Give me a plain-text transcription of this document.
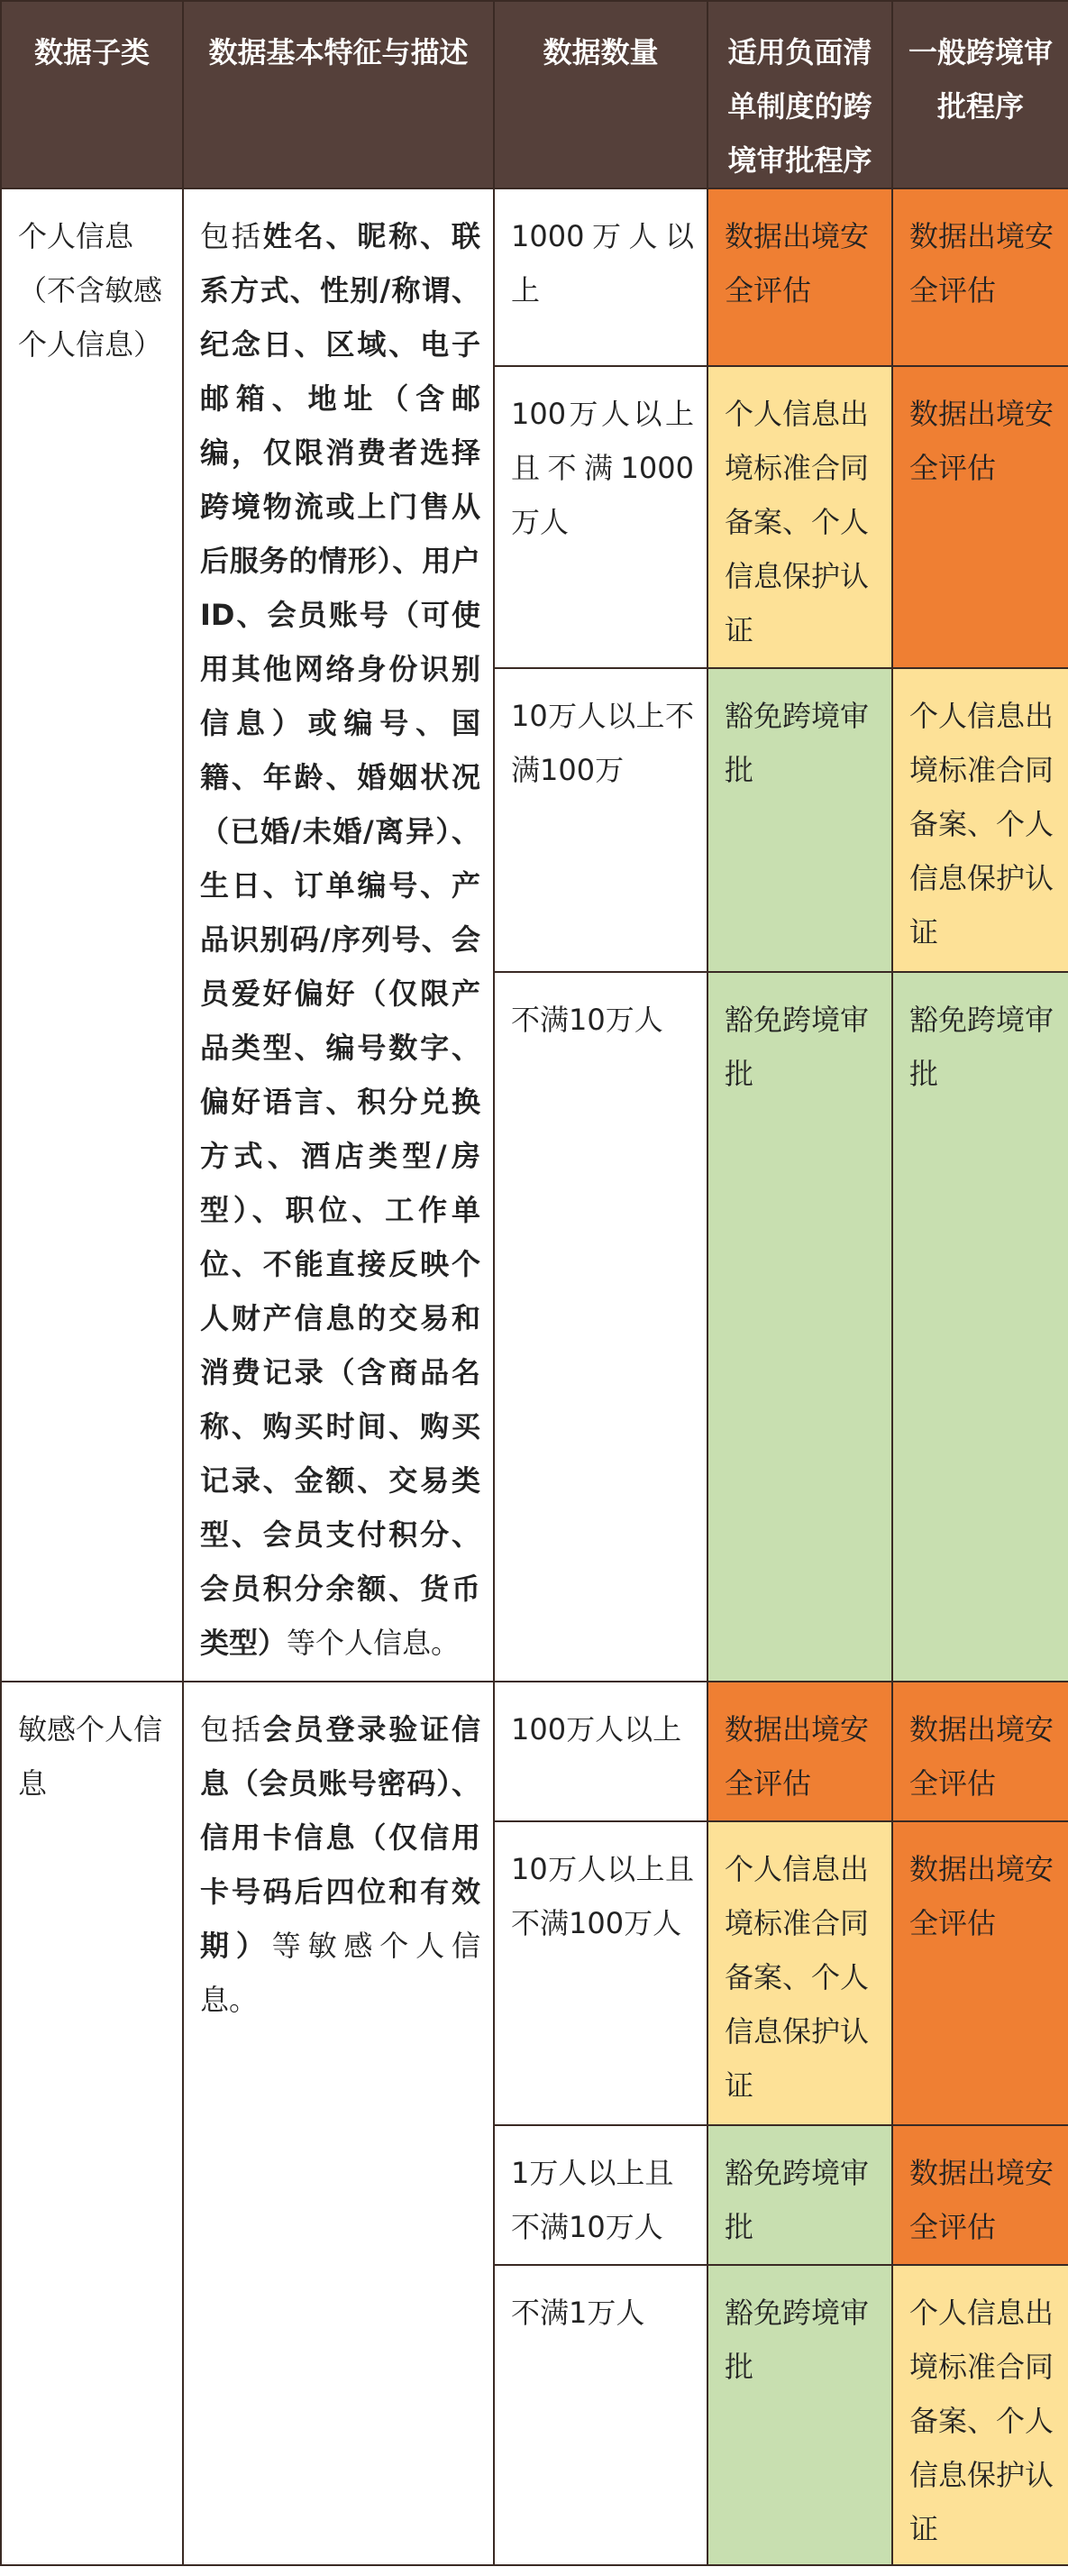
数据子类	数据基本特征与描述	数据数量	适用负面清单制度的跨境审批程序	一般跨境审批程序
个人信息（不含敏感个人信息）	包括姓名、昵称、联系方式、性别/称谓、纪念日、区域、电子邮箱、地址（含邮编，仅限消费者选择跨境物流或上门售从后服务的情形）、用户ID、会员账号（可使用其他网络身份识别信息）或编号、国籍、年龄、婚姻状况（已婚/未婚/离异）、生日、订单编号、产品识别码/序列号、会员爱好偏好（仅限产品类型、编号数字、偏好语言、积分兑换方式、酒店类型/房型）、职位、工作单位、不能直接反映个人财产信息的交易和消费记录（含商品名称、购买时间、购买记录、金额、交易类型、会员支付积分、会员积分余额、货币类型）等个人信息。	1000万人以上	数据出境安全评估	数据出境安全评估
		100万人以上且不满1000万人	个人信息出境标准合同备案、个人信息保护认证	数据出境安全评估
		10万人以上不满100万	豁免跨境审批	个人信息出境标准合同备案、个人信息保护认证
		不满10万人	豁免跨境审批	豁免跨境审批
敏感个人信息	包括会员登录验证信息（会员账号密码）、信用卡信息（仅信用卡号码后四位和有效期）等敏感个人信息。	100万人以上	数据出境安全评估	数据出境安全评估
		10万人以上且不满100万人	个人信息出境标准合同备案、个人信息保护认证	数据出境安全评估
		1万人以上且不满10万人	豁免跨境审批	数据出境安全评估
		不满1万人	豁免跨境审批	个人信息出境标准合同备案、个人信息保护认证
